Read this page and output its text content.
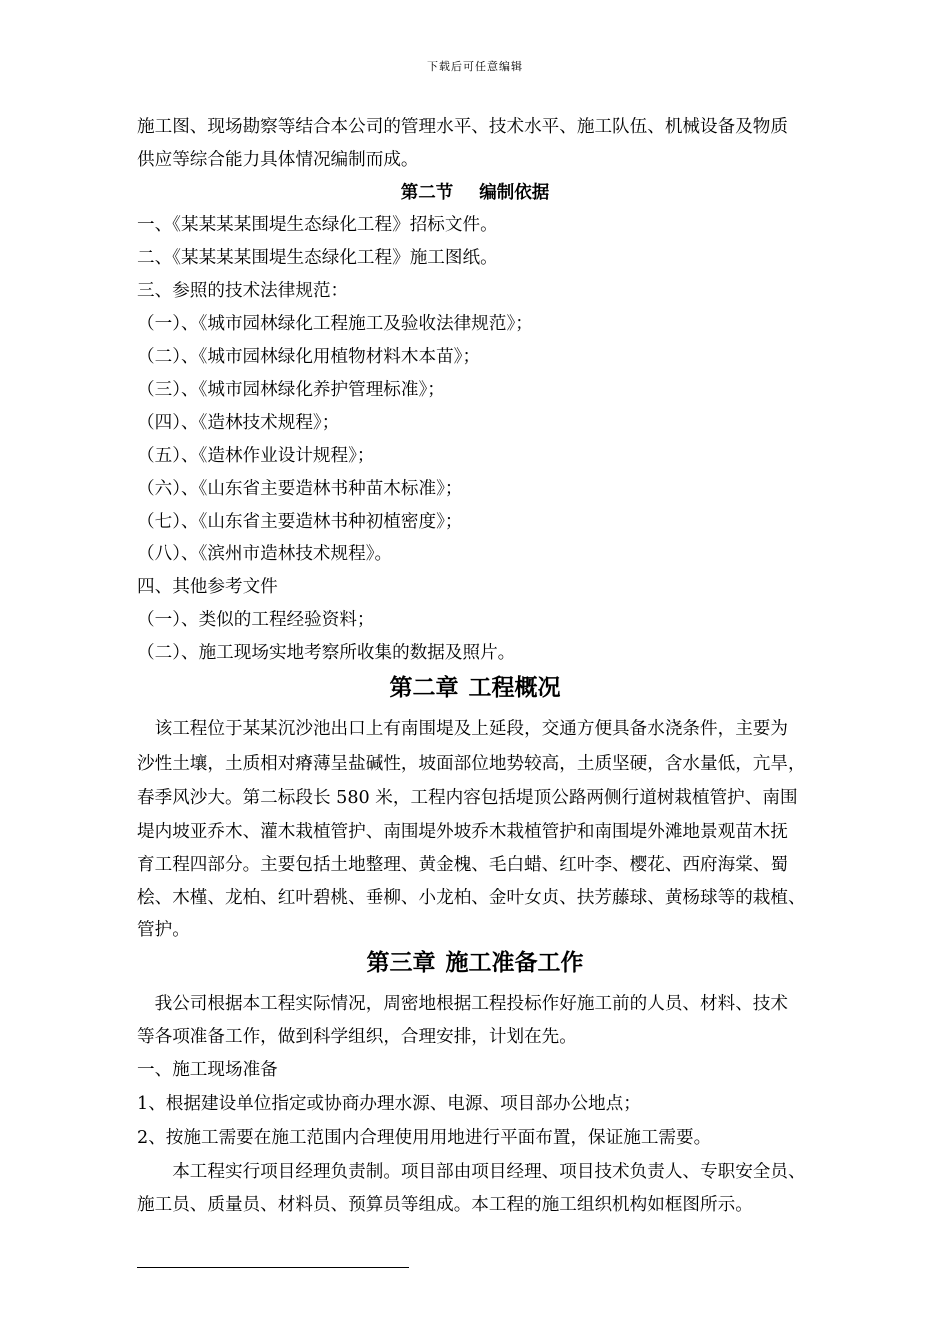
下载后可任意编辑
施工图、现场勘察等结合本公司的管理水平、技术水平、施工队伍、机械设备及物质
供应等综合能力具体情况编制而成。
第二节 编制依据
一、《某某某某围堤生态绿化工程》招标文件。
二、《某某某某围堤生态绿化工程》施工图纸。
三、参照的技术法律规范：
（一）、《城市园林绿化工程施工及验收法律规范》；
（二）、《城市园林绿化用植物材料木本苗》；
（三）、《城市园林绿化养护管理标准》；
（四）、《造林技术规程》；
（五）、《造林作业设计规程》；
（六）、《山东省主要造林书种苗木标准》；
（七）、《山东省主要造林书种初植密度》；
（八）、《滨州市造林技术规程》。
四、其他参考文件
（一）、类似的工程经验资料；
（二）、施工现场实地考察所收集的数据及照片。
第二章 工程概况
　该工程位于某某沉沙池出口上有南围堤及上延段，交通方便具备水浇条件，主要为
沙性土壤，土质相对瘠薄呈盐碱性，坡面部位地势较高，土质坚硬，含水量低，亢旱，
春季风沙大。第二标段长 580 米，工程内容包括堤顶公路两侧行道树栽植管护、南围
堤内坡亚乔木、灌木栽植管护、南围堤外坡乔木栽植管护和南围堤外滩地景观苗木抚
育工程四部分。主要包括土地整理、黄金槐、毛白蜡、红叶李、樱花、西府海棠、蜀
桧、木槿、龙柏、红叶碧桃、垂柳、小龙柏、金叶女贞、扶芳藤球、黄杨球等的栽植、
管护。
第三章 施工准备工作
　我公司根据本工程实际情况，周密地根据工程投标作好施工前的人员、材料、技术
等各项准备工作，做到科学组织，合理安排，计划在先。
一、施工现场准备
1、根据建设单位指定或协商办理水源、电源、项目部办公地点；
2、按施工需要在施工范围内合理使用用地进行平面布置，保证施工需要。
　　本工程实行项目经理负责制。项目部由项目经理、项目技术负责人、专职安全员、
施工员、质量员、材料员、预算员等组成。本工程的施工组织机构如框图所示。
